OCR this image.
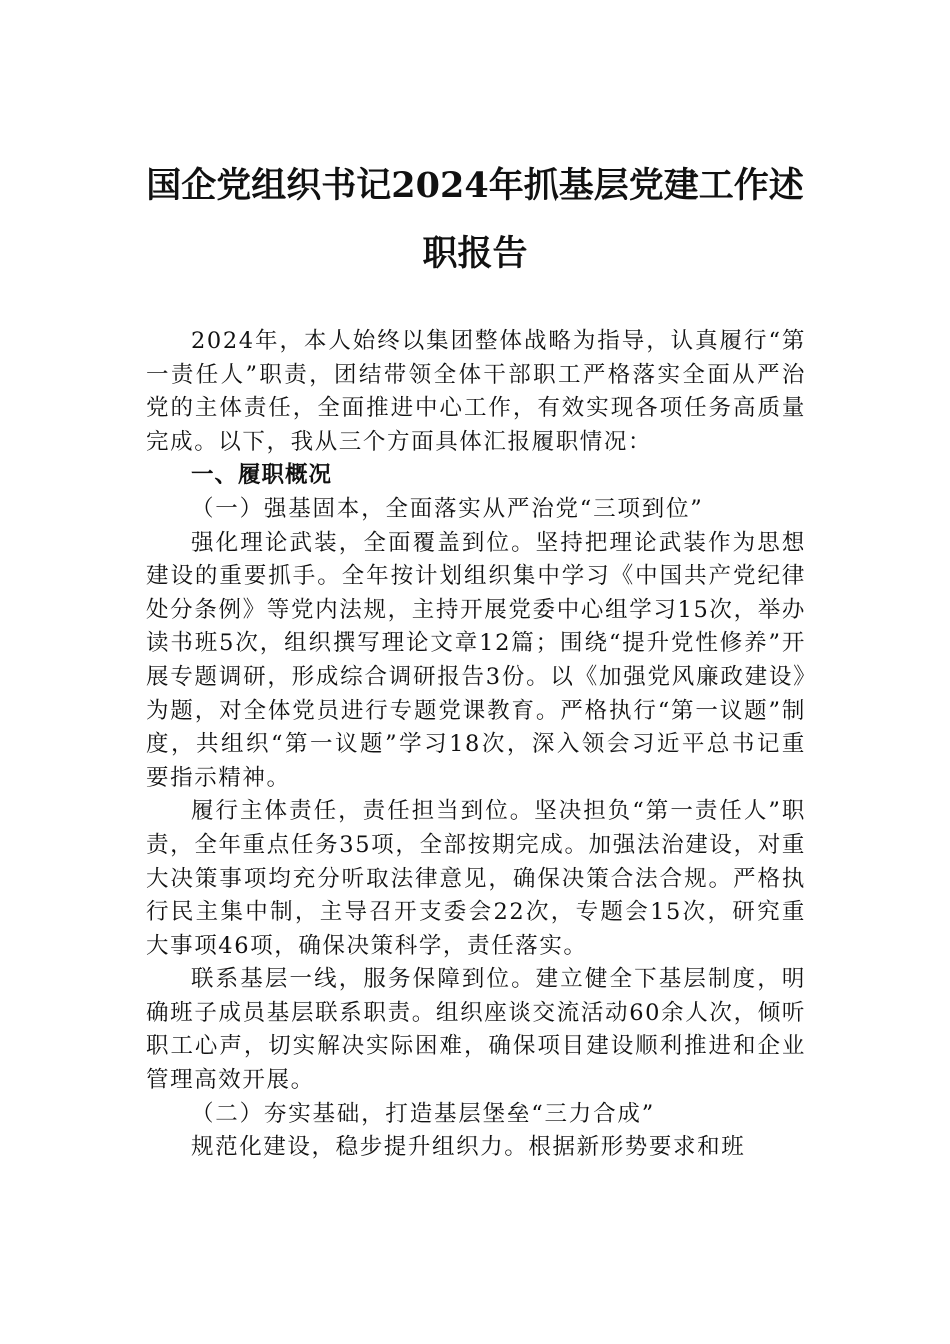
国企党组织书记2024年抓基层党建工作述
职报告

2024年，本人始终以集团整体战略为指导，认真履行“第一责任人”职责，团结带领全体干部职工严格落实全面从严治党的主体责任，全面推进中心工作，有效实现各项任务高质量完成。以下，我从三个方面具体汇报履职情况：

一、履职概况

（一）强基固本，全面落实从严治党“三项到位”

强化理论武装，全面覆盖到位。坚持把理论武装作为思想建设的重要抓手。全年按计划组织集中学习《中国共产党纪律处分条例》等党内法规，主持开展党委中心组学习15次，举办读书班5次，组织撰写理论文章12篇；围绕“提升党性修养”开展专题调研，形成综合调研报告3份。以《加强党风廉政建设》为题，对全体党员进行专题党课教育。严格执行“第一议题”制度，共组织“第一议题”学习18次，深入领会习近平总书记重要指示精神。

履行主体责任，责任担当到位。坚决担负“第一责任人”职责，全年重点任务35项，全部按期完成。加强法治建设，对重大决策事项均充分听取法律意见，确保决策合法合规。严格执行民主集中制，主导召开支委会22次，专题会15次，研究重大事项46项，确保决策科学，责任落实。

联系基层一线，服务保障到位。建立健全下基层制度，明确班子成员基层联系职责。组织座谈交流活动60余人次，倾听职工心声，切实解决实际困难，确保项目建设顺利推进和企业管理高效开展。

（二）夯实基础，打造基层堡垒“三力合成”

规范化建设，稳步提升组织力。根据新形势要求和班
